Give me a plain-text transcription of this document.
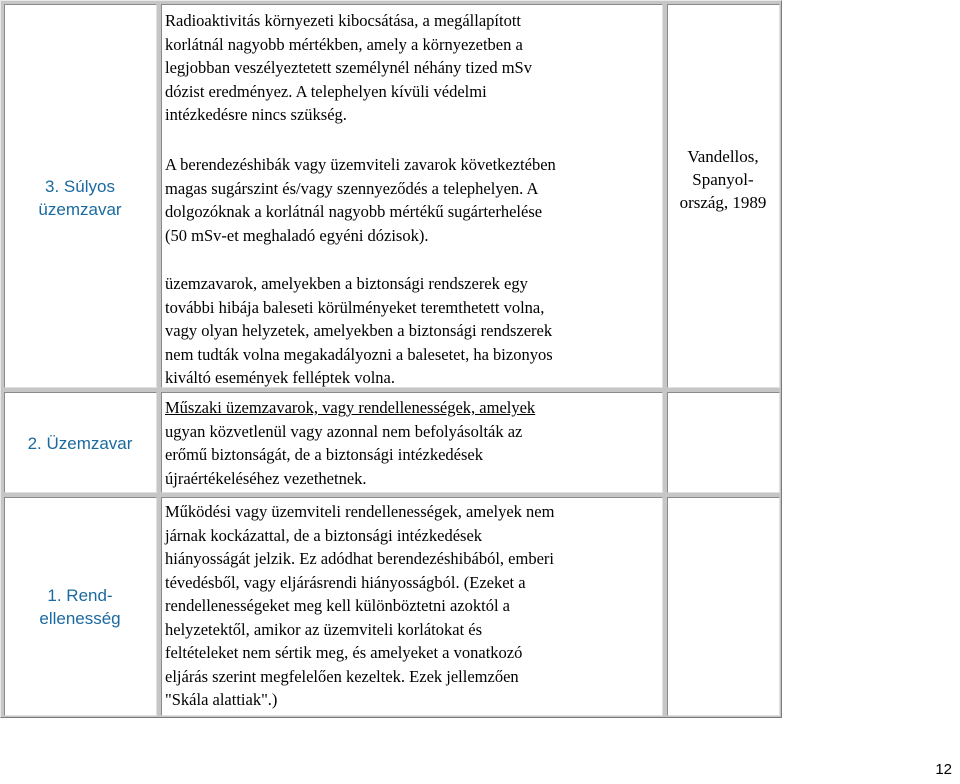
3. Súlyos
üzemzavar
2. Üzemzavar
1. Rend-
ellenesség
Radioaktivitás környezeti kibocsátása, a megállapított
korlátnál nagyobb mértékben, amely a környezetben a
legjobban veszélyeztetett személynél néhány tized mSv
dózist eredményez. A telephelyen kívüli védelmi
intézkedésre nincs szükség.
A berendezéshibák vagy üzemviteli zavarok következtében
magas sugárszint és/vagy szennyeződés a telephelyen. A
dolgozóknak a korlátnál nagyobb mértékű sugárterhelése
(50 mSv-et meghaladó egyéni dózisok).
üzemzavarok, amelyekben a biztonsági rendszerek egy
további hibája baleseti körülményeket teremthetett volna,
vagy olyan helyzetek, amelyekben a biztonsági rendszerek
nem tudták volna megakadályozni a balesetet, ha bizonyos
kiváltó események felléptek volna.
Műszaki üzemzavarok, vagy rendellenességek, amelyek
ugyan közvetlenül vagy azonnal nem befolyásolták az
erőmű biztonságát, de a biztonsági intézkedések
újraértékeléséhez vezethetnek.
Működési vagy üzemviteli rendellenességek, amelyek nem
járnak kockázattal, de a biztonsági intézkedések
hiányosságát jelzik. Ez adódhat berendezéshibából, emberi
tévedésből, vagy eljárásrendi hiányosságból. (Ezeket a
rendellenességeket meg kell különböztetni azoktól a
helyzetektől, amikor az üzemviteli korlátokat és
feltételeket nem sértik meg, és amelyeket a vonatkozó
eljárás szerint megfelelően kezeltek. Ezek jellemzően
"Skála alattiak".)
Vandellos,
Spanyol-
ország, 1989
12
